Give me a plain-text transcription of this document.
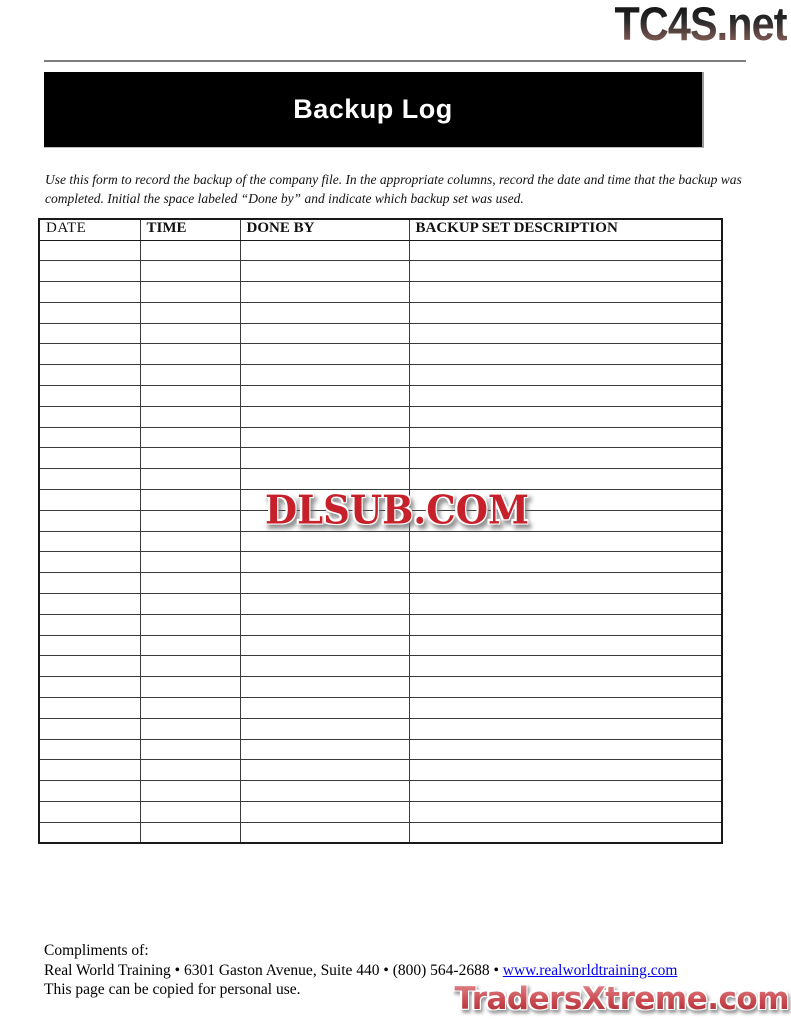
TC4S.net
Backup Log

Use this form to record the backup of the company file. In the appropriate columns, record the date and time that the backup was completed. Initial the space labeled “Done by” and indicate which backup set was used.

DATE	TIME	DONE BY	BACKUP SET DESCRIPTION

DLSUB.COM
Compliments of:
Real World Training • 6301 Gaston Avenue, Suite 440 • (800) 564-2688 • www.realworldtraining.com
This page can be copied for personal use.	TradersXtreme.com
